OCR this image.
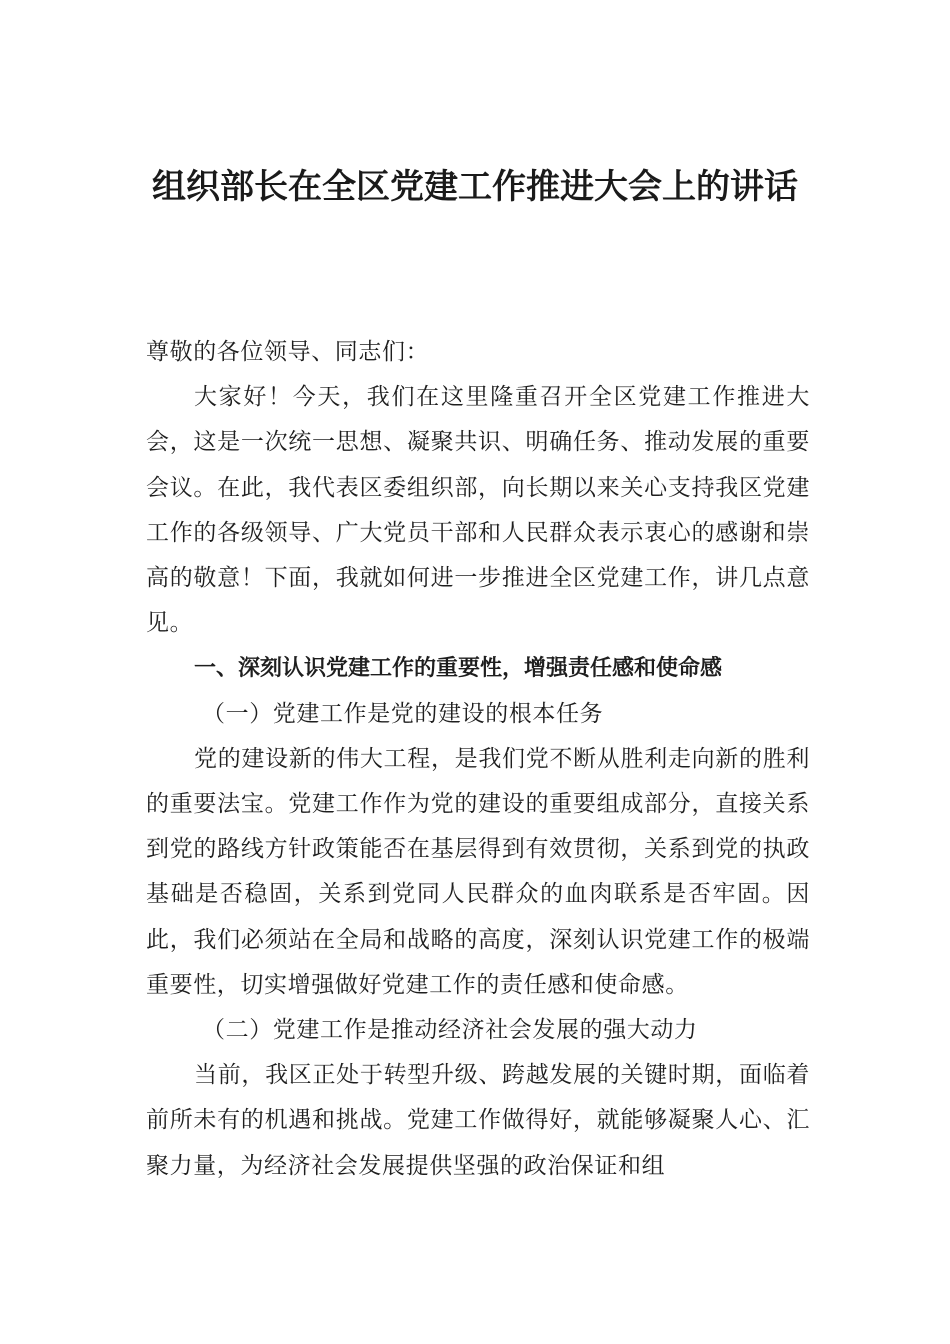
组织部长在全区党建工作推进大会上的讲话

尊敬的各位领导、同志们：

大家好！今天，我们在这里隆重召开全区党建工作推进大会，这是一次统一思想、凝聚共识、明确任务、推动发展的重要会议。在此，我代表区委组织部，向长期以来关心支持我区党建工作的各级领导、广大党员干部和人民群众表示衷心的感谢和崇高的敬意！下面，我就如何进一步推进全区党建工作，讲几点意见。

一、深刻认识党建工作的重要性，增强责任感和使命感

（一）党建工作是党的建设的根本任务

党的建设新的伟大工程，是我们党不断从胜利走向新的胜利的重要法宝。党建工作作为党的建设的重要组成部分，直接关系到党的路线方针政策能否在基层得到有效贯彻，关系到党的执政基础是否稳固，关系到党同人民群众的血肉联系是否牢固。因此，我们必须站在全局和战略的高度，深刻认识党建工作的极端重要性，切实增强做好党建工作的责任感和使命感。

（二）党建工作是推动经济社会发展的强大动力

当前，我区正处于转型升级、跨越发展的关键时期，面临着前所未有的机遇和挑战。党建工作做得好，就能够凝聚人心、汇聚力量，为经济社会发展提供坚强的政治保证和组
